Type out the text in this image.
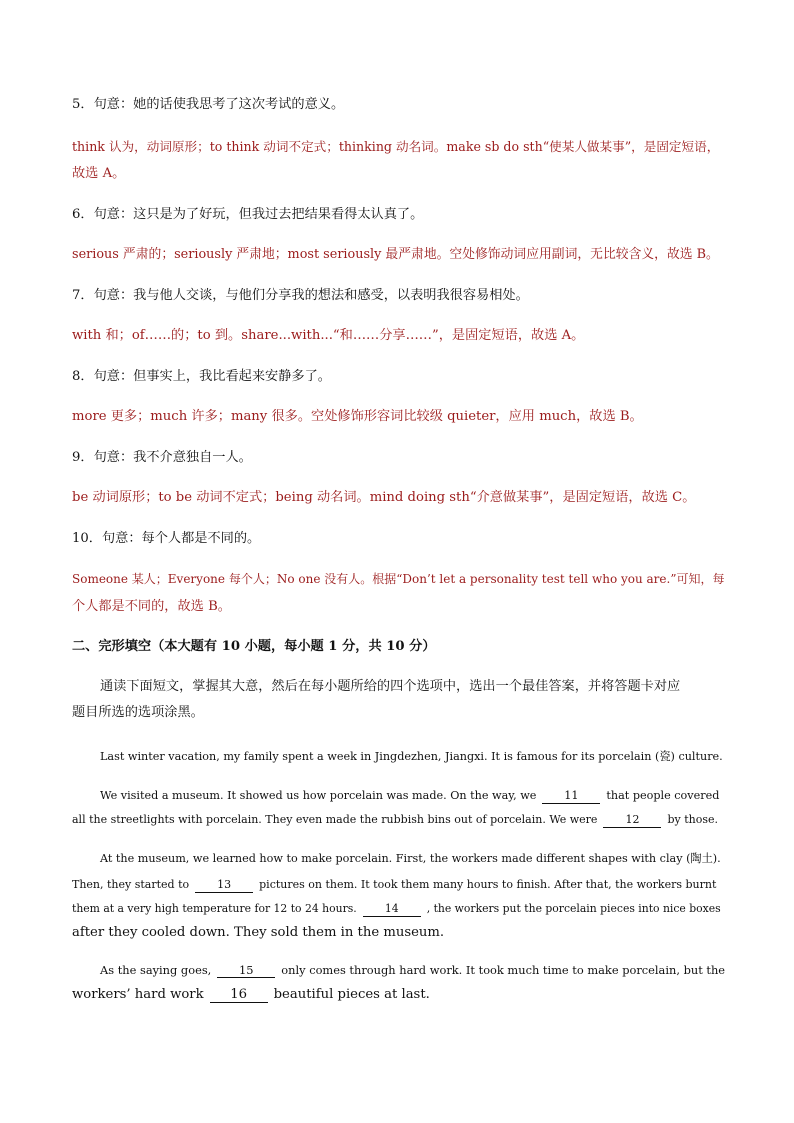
5．句意：她的话使我思考了这次考试的意义。
think 认为，动词原形；to think 动词不定式；thinking 动名词。make sb do sth“使某人做某事”，是固定短语，
故选 A。
6．句意：这只是为了好玩，但我过去把结果看得太认真了。
serious 严肃的；seriously 严肃地；most seriously 最严肃地。空处修饰动词应用副词，无比较含义，故选 B。
7．句意：我与他人交谈，与他们分享我的想法和感受，以表明我很容易相处。
with 和；of……的；to 到。share...with...“和……分享……”，是固定短语，故选 A。
8．句意：但事实上，我比看起来安静多了。
more 更多；much 许多；many 很多。空处修饰形容词比较级 quieter，应用 much，故选 B。
9．句意：我不介意独自一人。
be 动词原形；to be 动词不定式；being 动名词。mind doing sth“介意做某事”，是固定短语，故选 C。
10．句意：每个人都是不同的。
Someone 某人；Everyone 每个人；No one 没有人。根据“Don’t let a personality test tell who you are.”可知，每
个人都是不同的，故选 B。
二、完形填空（本大题有 10 小题，每小题 1 分，共 10 分）
通读下面短文，掌握其大意，然后在每小题所给的四个选项中，选出一个最佳答案，并将答题卡对应
题目所选的选项涂黑。
Last winter vacation, my family spent a week in Jingdezhen, Jiangxi. It is famous for its porcelain (瓷) culture.
We visited a museum. It showed us how porcelain was made. On the way, we 11 that people covered
all the streetlights with porcelain. They even made the rubbish bins out of porcelain. We were	12	by those.
At the museum, we learned how to make porcelain. First, the workers made different shapes with clay (陶土).
Then, they started to	13	pictures on them. It took them many hours to finish. After that, the workers burnt
them at a very high temperature for 12 to 24 hours.	14	, the workers put the porcelain pieces into nice boxes
after they cooled down. They sold them in the museum.
As the saying goes, 15 only comes through hard work. It took much time to make porcelain, but the
workers’ hard work 16 beautiful pieces at last.
